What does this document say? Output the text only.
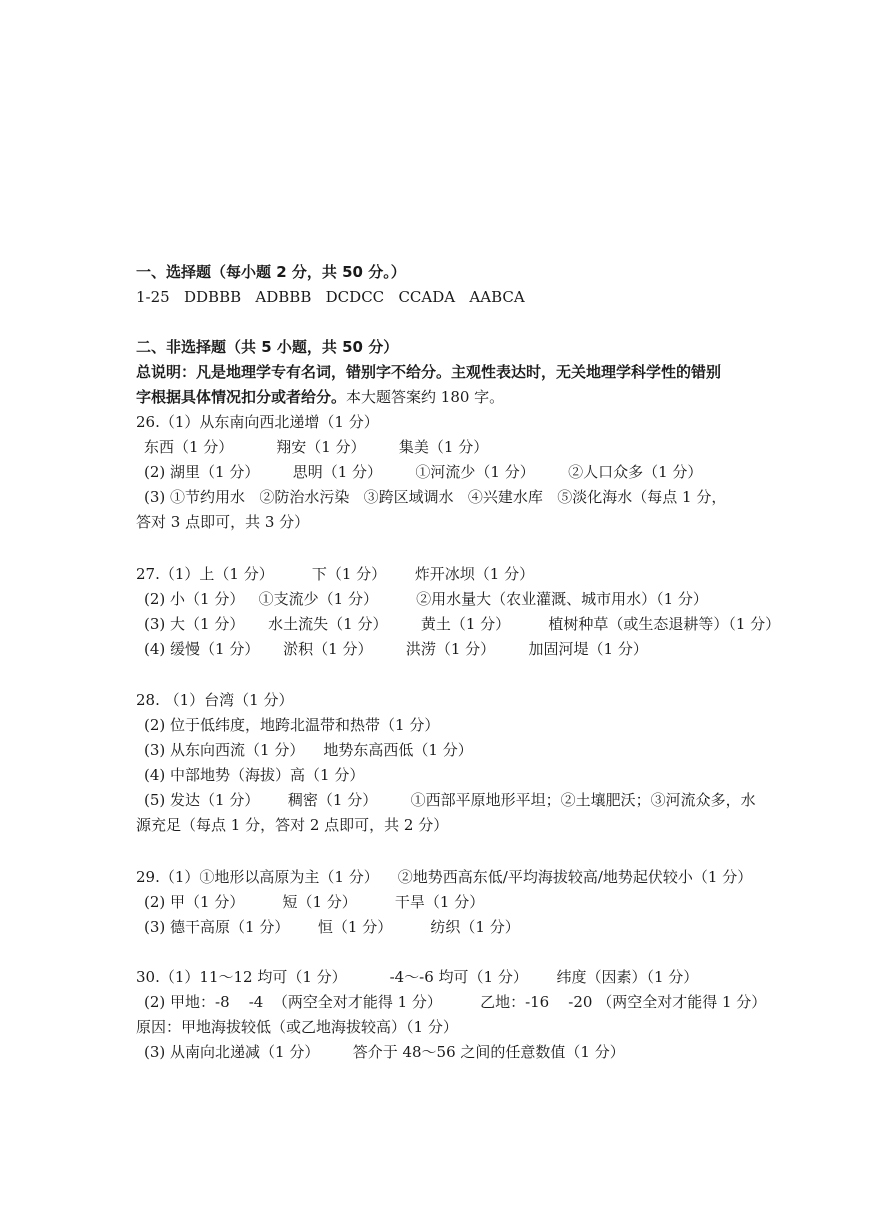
一、选择题（每小题 2 分，共 50 分。）
1-25   DDBBB   ADBBB   DCDCC   CCADA   AABCA
二、非选择题（共 5 小题，共 50 分）
总说明：凡是地理学专有名词，错别字不给分。主观性表达时，无关地理学科学性的错别
字根据具体情况扣分或者给分。本大题答案约 180 字。
26.（1）从东南向西北递增（1 分）
东西（1 分）         翔安（1 分）       集美（1 分）
(2) 湖里（1 分）       思明（1 分）       ①河流少（1 分）       ②人口众多（1 分）
(3) ①节约用水   ②防治水污染   ③跨区域调水   ④兴建水库   ⑤淡化海水（每点 1 分，
答对 3 点即可，共 3 分）
27.（1）上（1 分）        下（1 分）      炸开冰坝（1 分）
(2) 小（1 分）   ①支流少（1 分）        ②用水量大（农业灌溉、城市用水）（1 分）
(3) 大（1 分）     水土流失（1 分）       黄土（1 分）        植树种草（或生态退耕等）（1 分）
(4) 缓慢（1 分）     淤积（1 分）       洪涝（1 分）       加固河堤（1 分）
28. （1）台湾（1 分）
(2) 位于低纬度，地跨北温带和热带（1 分）
(3) 从东向西流（1 分）    地势东高西低（1 分）
(4) 中部地势（海拔）高（1 分）
(5) 发达（1 分）      稠密（1 分）       ①西部平原地形平坦；②土壤肥沃；③河流众多，水
源充足（每点 1 分，答对 2 点即可，共 2 分）
29.（1）①地形以高原为主（1 分）    ②地势西高东低/平均海拔较高/地势起伏较小（1 分）
(2) 甲（1 分）        短（1 分）        干旱（1 分）
(3) 德干高原（1 分）      恒（1 分）        纺织（1 分）
30.（1）11～12 均可（1 分）         -4～-6 均可（1 分）      纬度（因素）（1 分）
(2) 甲地：-8    -4  （两空全对才能得 1 分）        乙地：-16    -20 （两空全对才能得 1 分）
原因：甲地海拔较低（或乙地海拔较高）（1 分）
(3) 从南向北递减（1 分）       答介于 48～56 之间的任意数值（1 分）
